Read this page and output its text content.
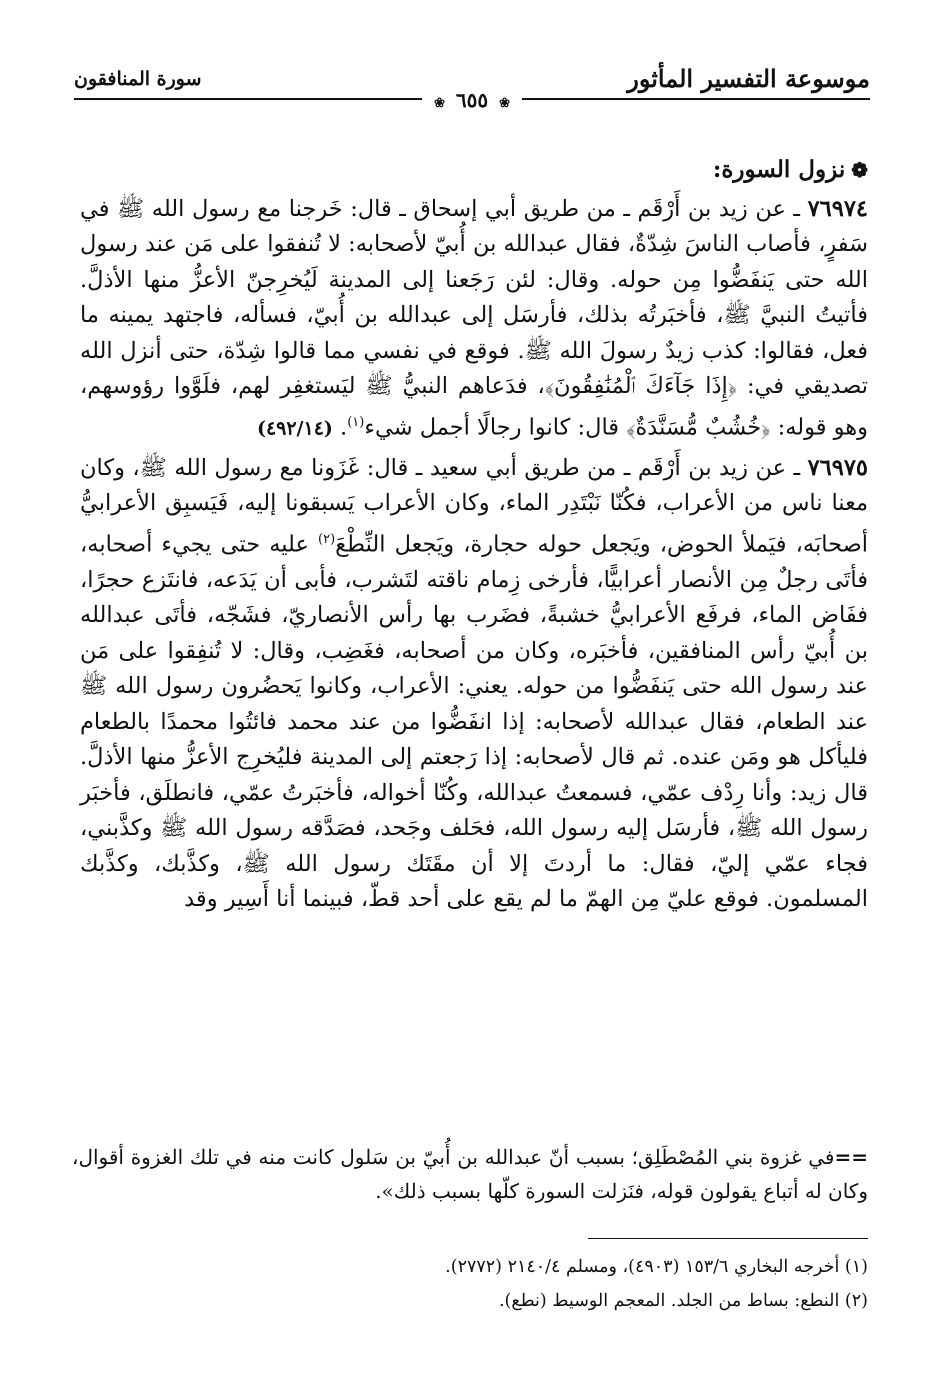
موسوعة التفسير المأثور
سورة المنافقون
❀ ٦٥٥ ❀
❁نزول السورة:

٧٦٩٧٤ ـ عن زيد بن أَرْقَم ـ من طريق أبي إسحاق ـ قال: خَرجنا مع رسول الله ﷺ في سَفرٍ، فأصاب الناسَ شِدّةٌ، فقال عبدالله بن أُبيّ لأصحابه: لا تُنفقوا على مَن عند رسول الله حتى يَنفَضُّوا مِن حوله. وقال: لئن رَجَعنا إلى المدينة لَيُخرِجنّ الأعزُّ منها الأذلَّ. فأتيتُ النبيَّ ﷺ، فأخبَرتُه بذلك، فأرسَل إلى عبدالله بن أُبيّ، فسأله، فاجتهد يمينه ما فعل، فقالوا: كذب زيدٌ رسولَ الله ﷺ. فوقع في نفسي مما قالوا شِدّة، حتى أنزل الله تصديقي في: ﴿إِذَا جَآءَكَ ٱلْمُنَٰفِقُونَ﴾، فدَعاهم النبيُّ ﷺ ليَستغفِر لهم، فلَوَّوا رؤوسهم، وهو قوله: ﴿خُشُبٌ مُّسَنَّدَةٌ﴾ قال: كانوا رجالًا أجمل شيء$^{(١)}$. (٤٩٢/١٤)

٧٦٩٧٥ ـ عن زيد بن أَرْقَم ـ من طريق أبي سعيد ـ قال: غَزَونا مع رسول الله ﷺ، وكان معنا ناس من الأعراب، فكُنّا نَبْتَدِر الماء، وكان الأعراب يَسبقونا إليه، فَيَسبِق الأعرابيُّ أصحابَه، فيَملأ الحوض، ويَجعل حوله حجارة، ويَجعل النِّطْعَ$^{(٢)}$ عليه حتى يجيء أصحابه، فأتَى رجلٌ مِن الأنصار أعرابيًّا، فأرخى زِمام ناقته لتَشرب، فأبى أن يَدَعه، فانتَزع حجرًا، ففَاض الماء، فرفَع الأعرابيُّ خشبةً، فضَرب بها رأس الأنصاريّ، فشَجّه، فأتَى عبدالله بن أُبيّ رأس المنافقين، فأخبَره، وكان من أصحابه، فغَضِب، وقال: لا تُنفِقوا على مَن عند رسول الله حتى يَنفَضُّوا من حوله. يعني: الأعراب، وكانوا يَحضُرون رسول الله ﷺ عند الطعام، فقال عبدالله لأصحابه: إذا انفَضُّوا من عند محمد فائتُوا محمدًا بالطعام فليأكل هو ومَن عنده. ثم قال لأصحابه: إذا رَجعتم إلى المدينة فليُخرِج الأعزُّ منها الأذلَّ. قال زيد: وأنا رِدْف عمّي، فسمعتُ عبدالله، وكُنّا أخواله، فأخبَرتُ عمّي، فانطلَق، فأخبَر رسول الله ﷺ، فأرسَل إليه رسول الله، فحَلف وجَحد، فصَدَّقه رسول الله ﷺ وكذَّبني، فجاء عمّي إليّ، فقال: ما أردتَ إلا أن مقَتَك رسول الله ﷺ، وكذَّبك، وكذَّبك المسلمون. فوقع عليّ مِن الهمّ ما لم يقع على أحد قطّ، فبينما أنا أَسِير وقد

==في غزوة بني المُصْطَلِق؛ بسبب أنّ عبدالله بن أُبيّ بن سَلول كانت منه في تلك الغزوة أقوال، وكان له أتباع يقولون قوله، فنَزلت السورة كلّها بسبب ذلك».

(١) أخرجه البخاري ١٥٣/٦ (٤٩٠٣)، ومسلم ٢١٤٠/٤ (٢٧٧٢).

(٢) النطع: بساط من الجلد. المعجم الوسيط (نطع).
